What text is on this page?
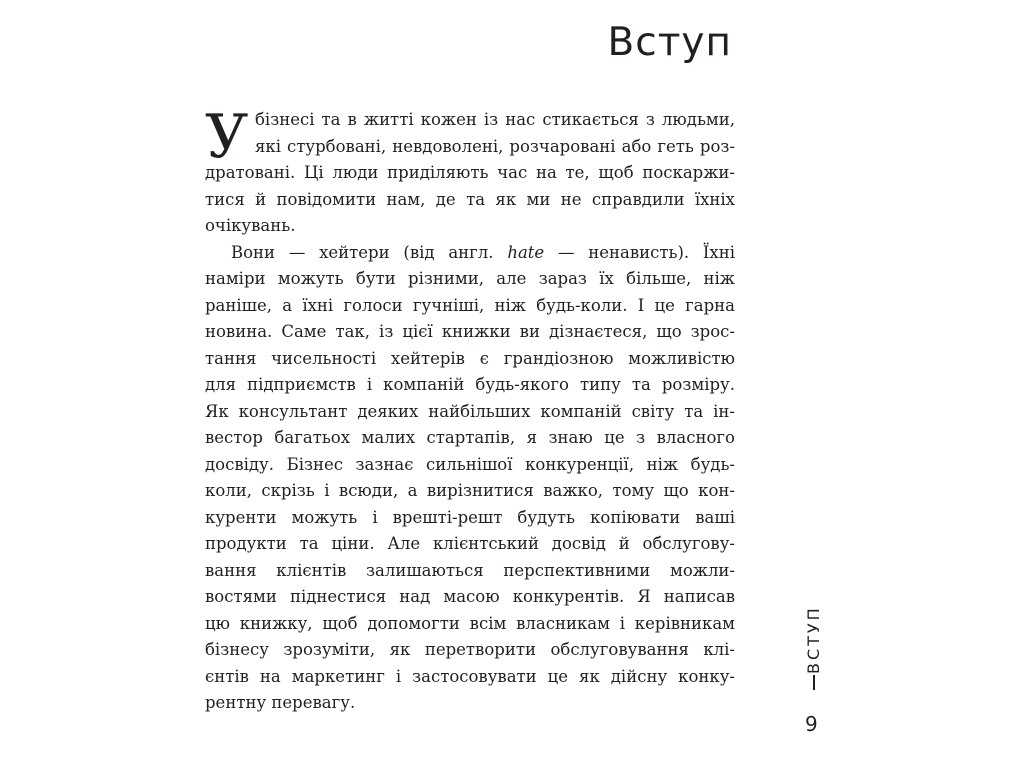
Вступ
У бізнесі та в житті кожен із нас стикається з людьми,
які стурбовані, невдоволені, розчаровані або геть роз-
дратовані. Ці люди приділяють час на те, щоб поскаржи-
тися й повідомити нам, де та як ми не справдили їхніх
очікувань.
Вони — хейтери (від англ. hate — ненависть). Їхні
наміри можуть бути різними, але зараз їх більше, ніж
раніше, а їхні голоси гучніші, ніж будь-коли. І це гарна
новина. Саме так, із цієї книжки ви дізнаєтеся, що зрос-
тання чисельності хейтерів є грандіозною можливістю
для підприємств і компаній будь-якого типу та розміру.
Як консультант деяких найбільших компаній світу та ін-
вестор багатьох малих стартапів, я знаю це з власного
досвіду. Бізнес зазнає сильнішої конкуренції, ніж будь-
коли, скрізь і всюди, а вирізнитися важко, тому що кон-
куренти можуть і врешті-решт будуть копіювати ваші
продукти та ціни. Але клієнтський досвід й обслугову-
вання клієнтів залишаються перспективними можли-
востями піднестися над масою конкурентів. Я написав
цю книжку, щоб допомогти всім власникам і керівникам
бізнесу зрозуміти, як перетворити обслуговування клі-
єнтів на маркетинг і застосовувати це як дійсну конку-
рентну перевагу.
ВСТУП
9
